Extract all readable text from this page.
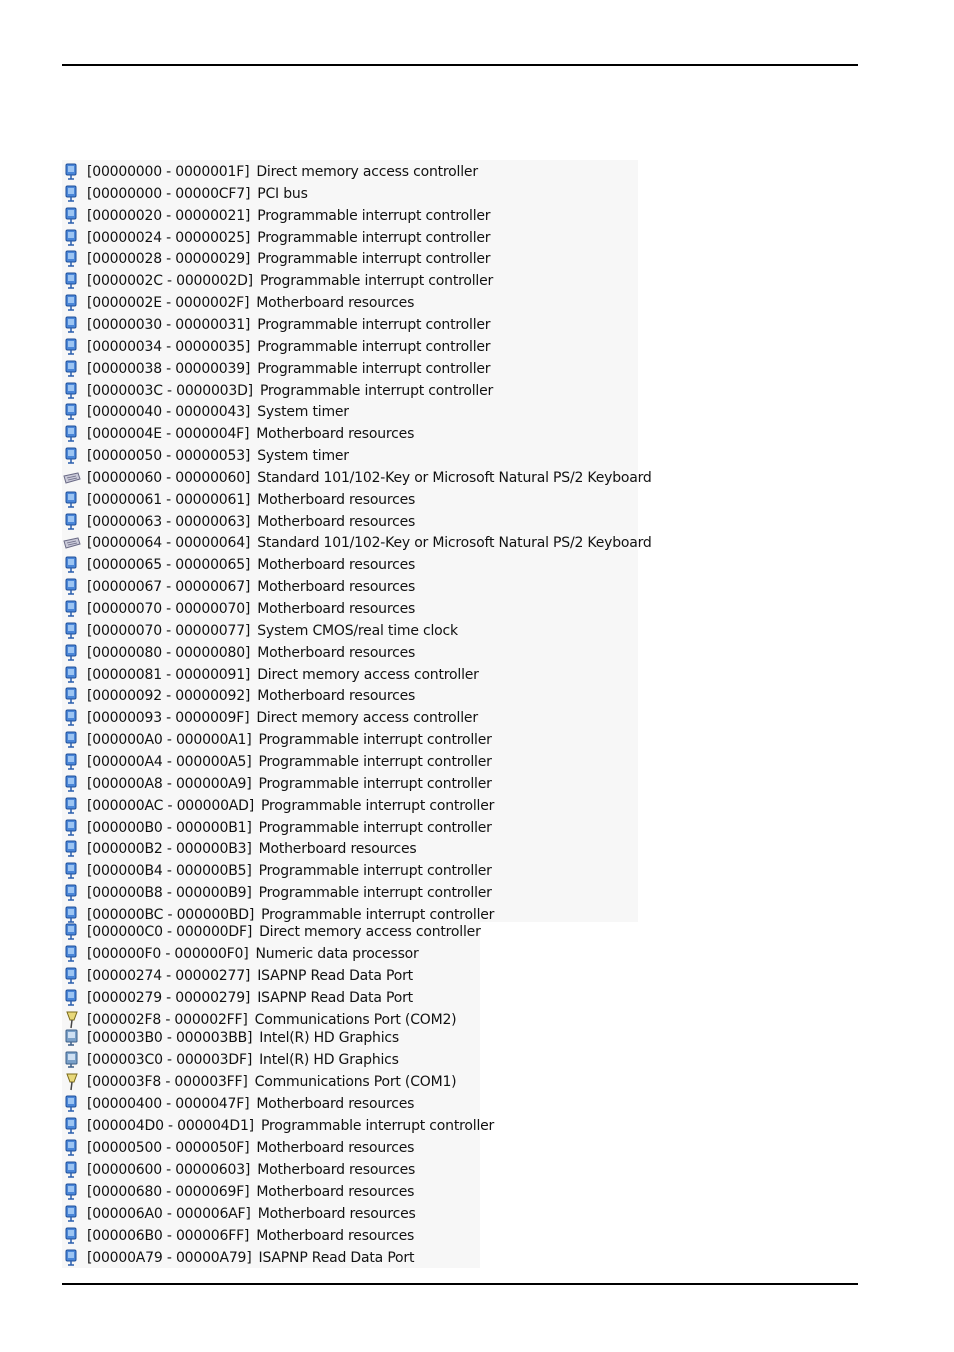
[00000000 - 0000001F] Direct memory access controller
[00000000 - 00000CF7] PCI bus
[00000020 - 00000021] Programmable interrupt controller
[00000024 - 00000025] Programmable interrupt controller
[00000028 - 00000029] Programmable interrupt controller
[0000002C - 0000002D] Programmable interrupt controller
[0000002E - 0000002F] Motherboard resources
[00000030 - 00000031] Programmable interrupt controller
[00000034 - 00000035] Programmable interrupt controller
[00000038 - 00000039] Programmable interrupt controller
[0000003C - 0000003D] Programmable interrupt controller
[00000040 - 00000043] System timer
[0000004E - 0000004F] Motherboard resources
[00000050 - 00000053] System timer
[00000060 - 00000060] Standard 101/102-Key or Microsoft Natural PS/2 Keyboard
[00000061 - 00000061] Motherboard resources
[00000063 - 00000063] Motherboard resources
[00000064 - 00000064] Standard 101/102-Key or Microsoft Natural PS/2 Keyboard
[00000065 - 00000065] Motherboard resources
[00000067 - 00000067] Motherboard resources
[00000070 - 00000070] Motherboard resources
[00000070 - 00000077] System CMOS/real time clock
[00000080 - 00000080] Motherboard resources
[00000081 - 00000091] Direct memory access controller
[00000092 - 00000092] Motherboard resources
[00000093 - 0000009F] Direct memory access controller
[000000A0 - 000000A1] Programmable interrupt controller
[000000A4 - 000000A5] Programmable interrupt controller
[000000A8 - 000000A9] Programmable interrupt controller
[000000AC - 000000AD] Programmable interrupt controller
[000000B0 - 000000B1] Programmable interrupt controller
[000000B2 - 000000B3] Motherboard resources
[000000B4 - 000000B5] Programmable interrupt controller
[000000B8 - 000000B9] Programmable interrupt controller
[000000BC - 000000BD] Programmable interrupt controller
[000000C0 - 000000DF] Direct memory access controller
[000000F0 - 000000F0] Numeric data processor
[00000274 - 00000277] ISAPNP Read Data Port
[00000279 - 00000279] ISAPNP Read Data Port
[000002F8 - 000002FF] Communications Port (COM2)
[000003B0 - 000003BB] Intel(R) HD Graphics
[000003C0 - 000003DF] Intel(R) HD Graphics
[000003F8 - 000003FF] Communications Port (COM1)
[00000400 - 0000047F] Motherboard resources
[000004D0 - 000004D1] Programmable interrupt controller
[00000500 - 0000050F] Motherboard resources
[00000600 - 00000603] Motherboard resources
[00000680 - 0000069F] Motherboard resources
[000006A0 - 000006AF] Motherboard resources
[000006B0 - 000006FF] Motherboard resources
[00000A79 - 00000A79] ISAPNP Read Data Port
